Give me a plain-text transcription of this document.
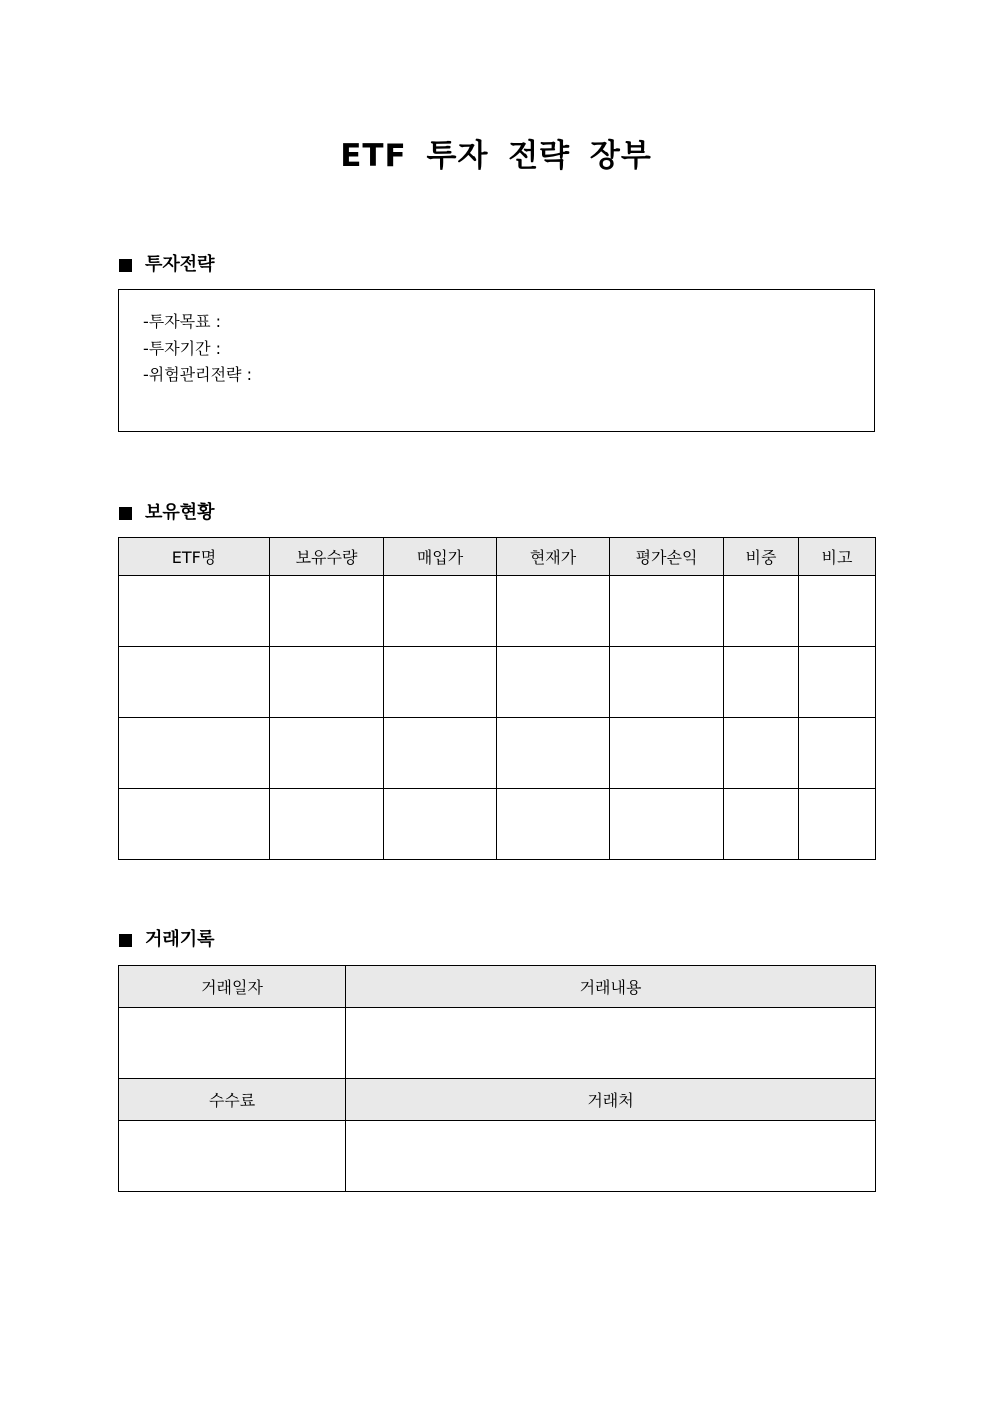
ETF 투자 전략 장부
투자전략
-투자목표 :
-투자기간 :
-위험관리전략 :
보유현황
ETF명	보유수량	매입가	현재가	평가손익	비중	비고

거래기록
거래일자	거래내용

수수료	거래처
